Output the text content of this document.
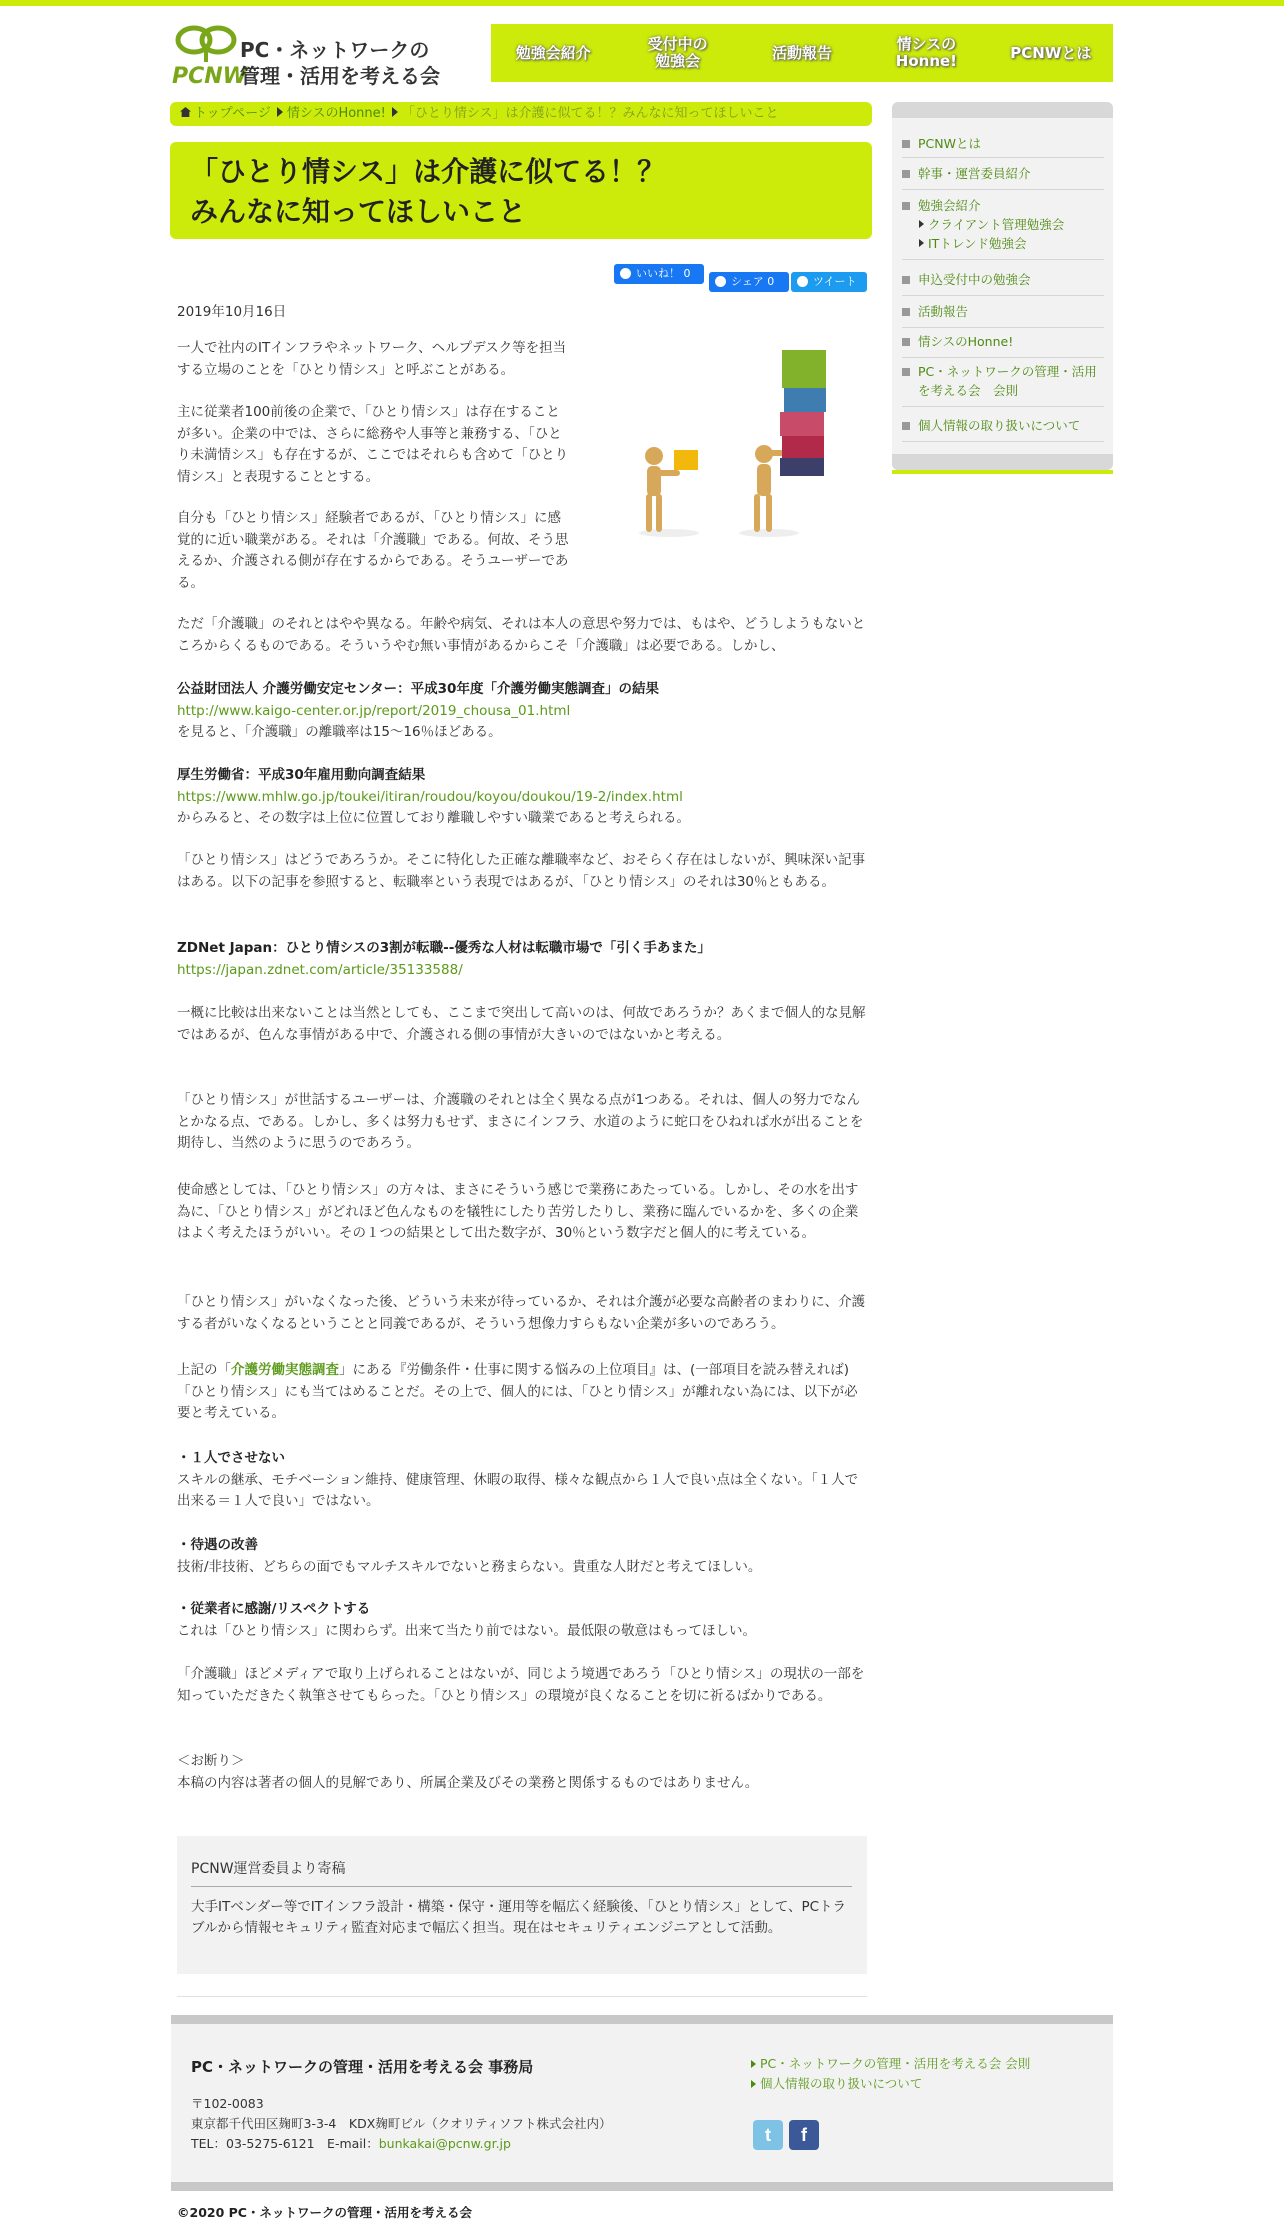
PCNW
PC・ネットワークの
管理・活用を考える会
勉強会紹介	受付中の
勉強会	活動報告	情シスの
Honne!	PCNWとは
トップページ 情シスのHonne! 「ひとり情シス」は介護に似てる！？みんなに知ってほしいこと
「ひとり情シス」は介護に似てる！？
みんなに知ってほしいこと
いいね！ 0
シェア 0	ツイート
2019年10月16日
一人で社内のITインフラやネットワーク、ヘルプデスク等を担当する立場のことを「ひとり情シス」と呼ぶことがある。
主に従業者100前後の企業で、「ひとり情シス」は存在することが多い。企業の中では、さらに総務や人事等と兼務する、「ひとり未満情シス」も存在するが、ここではそれらも含めて「ひとり情シス」と表現することとする。
自分も「ひとり情シス」経験者であるが、「ひとり情シス」に感覚的に近い職業がある。それは「介護職」である。何故、そう思えるか、介護される側が存在するからである。そうユーザーである。
ただ「介護職」のそれとはやや異なる。年齢や病気、それは本人の意思や努力では、もはや、どうしようもないところからくるものである。そういうやむ無い事情があるからこそ「介護職」は必要である。しかし、
公益財団法人 介護労働安定センター：平成30年度「介護労働実態調査」の結果
http://www.kaigo-center.or.jp/report/2019_chousa_01.html
を見ると、「介護職」の離職率は15～16％ほどある。
厚生労働省：平成30年雇用動向調査結果
https://www.mhlw.go.jp/toukei/itiran/roudou/koyou/doukou/19-2/index.html
からみると、その数字は上位に位置しており離職しやすい職業であると考えられる。
「ひとり情シス」はどうであろうか。そこに特化した正確な離職率など、おそらく存在はしないが、興味深い記事はある。以下の記事を参照すると、転職率という表現ではあるが、「ひとり情シス」のそれは30％ともある。
ZDNet Japan：ひとり情シスの3割が転職--優秀な人材は転職市場で「引く手あまた」
https://japan.zdnet.com/article/35133588/
一概に比較は出来ないことは当然としても、ここまで突出して高いのは、何故であろうか？あくまで個人的な見解ではあるが、色んな事情がある中で、介護される側の事情が大きいのではないかと考える。
「ひとり情シス」が世話するユーザーは、介護職のそれとは全く異なる点が1つある。それは、個人の努力でなんとかなる点、である。しかし、多くは努力もせず、まさにインフラ、水道のように蛇口をひねれば水が出ることを期待し、当然のように思うのであろう。
使命感としては、「ひとり情シス」の方々は、まさにそういう感じで業務にあたっている。しかし、その水を出す為に、「ひとり情シス」がどれほど色んなものを犠牲にしたり苦労したりし、業務に臨んでいるかを、多くの企業はよく考えたほうがいい。その１つの結果として出た数字が、30％という数字だと個人的に考えている。
「ひとり情シス」がいなくなった後、どういう未来が待っているか、それは介護が必要な高齢者のまわりに、介護する者がいなくなるということと同義であるが、そういう想像力すらもない企業が多いのであろう。
上記の「介護労働実態調査」にある『労働条件・仕事に関する悩みの上位項目』は、(一部項目を読み替えれば)「ひとり情シス」にも当てはめることだ。その上で、個人的には、「ひとり情シス」が離れない為には、以下が必要と考えている。
・１人でさせない
スキルの継承、モチベーション維持、健康管理、休暇の取得、様々な観点から１人で良い点は全くない。「１人で出来る＝１人で良い」ではない。
・待遇の改善
技術/非技術、どちらの面でもマルチスキルでないと務まらない。貴重な人財だと考えてほしい。
・従業者に感謝/リスペクトする
これは「ひとり情シス」に関わらず。出来て当たり前ではない。最低限の敬意はもってほしい。
「介護職」ほどメディアで取り上げられることはないが、同じよう境遇であろう「ひとり情シス」の現状の一部を知っていただきたく執筆させてもらった。「ひとり情シス」の環境が良くなることを切に祈るばかりである。
＜お断り＞
本稿の内容は著者の個人的見解であり、所属企業及びその業務と関係するものではありません。
PCNW運営委員より寄稿
大手ITベンダー等でITインフラ設計・構築・保守・運用等を幅広く経験後、「ひとり情シス」として、PCトラブルから情報セキュリティ監査対応まで幅広く担当。現在はセキュリティエンジニアとして活動。
PCNWとは
幹事・運営委員紹介
勉強会紹介
クライアント管理勉強会
ITトレンド勉強会
申込受付中の勉強会
活動報告
情シスのHonne!
PC・ネットワークの管理・活用を考える会　会則
個人情報の取り扱いについて
PC・ネットワークの管理・活用を考える会 事務局
〒102-0083
東京都千代田区麹町3-3-4　KDX麹町ビル（クオリティソフト株式会社内）
TEL：03-5275-6121　E-mail：bunkakai@pcnw.gr.jp
PC・ネットワークの管理・活用を考える会 会則
個人情報の取り扱いについて
t	f
©2020 PC・ネットワークの管理・活用を考える会
